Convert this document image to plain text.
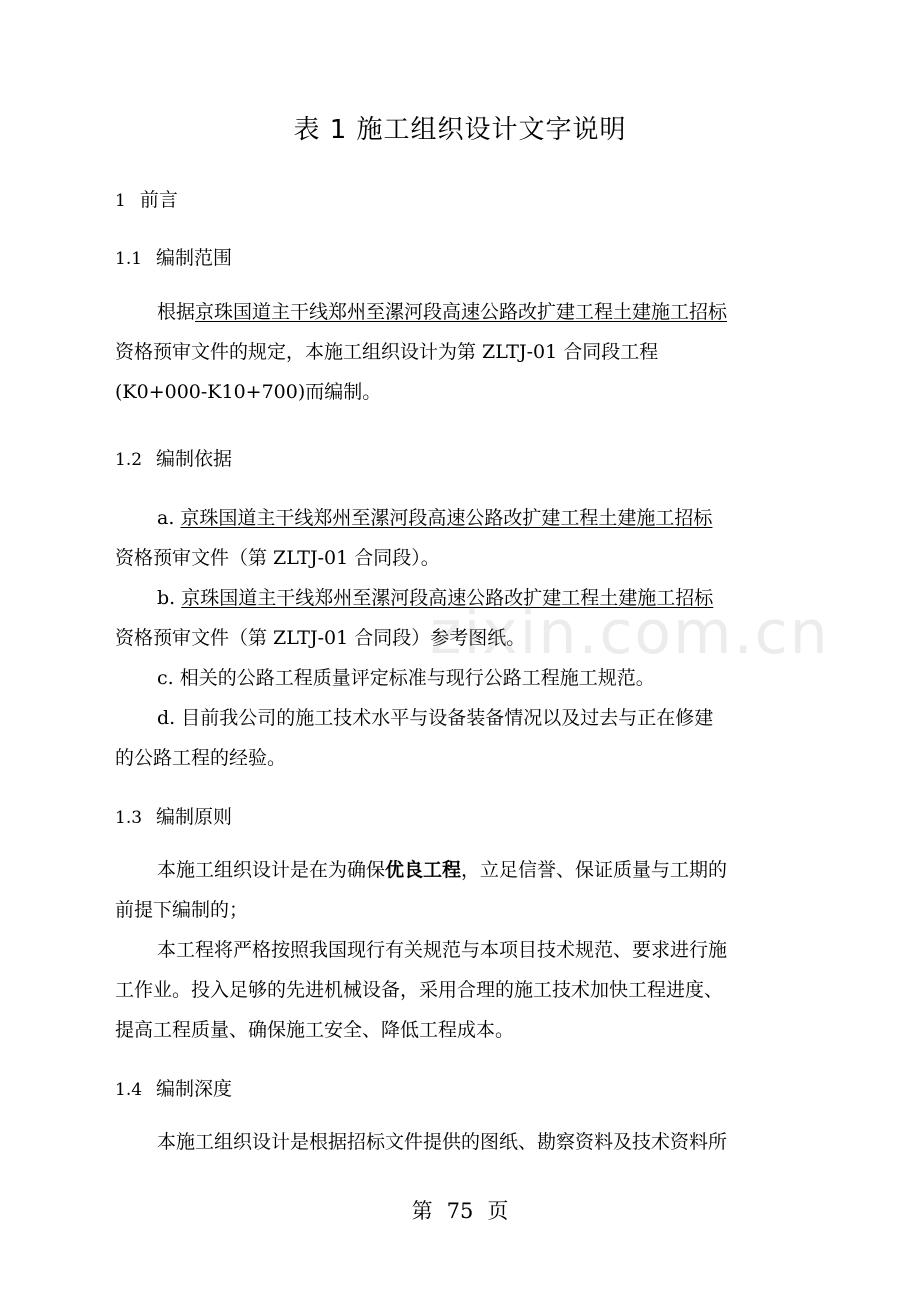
表 1 施工组织设计文字说明
1 前言
1.1 编制范围
根据京珠国道主干线郑州至漯河段高速公路改扩建工程土建施工招标
资格预审文件的规定，本施工组织设计为第 ZLTJ-01 合同段工程
(K0+000-K10+700)而编制。
1.2 编制依据
a. 京珠国道主干线郑州至漯河段高速公路改扩建工程土建施工招标
资格预审文件（第 ZLTJ-01 合同段）。
b. 京珠国道主干线郑州至漯河段高速公路改扩建工程土建施工招标
资格预审文件（第 ZLTJ-01 合同段）参考图纸。
c. 相关的公路工程质量评定标准与现行公路工程施工规范。
d. 目前我公司的施工技术水平与设备装备情况以及过去与正在修建
的公路工程的经验。
1.3 编制原则
本施工组织设计是在为确保优良工程，立足信誉、保证质量与工期的
前提下编制的；
本工程将严格按照我国现行有关规范与本项目技术规范、要求进行施
工作业。投入足够的先进机械设备，采用合理的施工技术加快工程进度、
提高工程质量、确保施工安全、降低工程成本。
1.4 编制深度
本施工组织设计是根据招标文件提供的图纸、勘察资料及技术资料所
zixin.com.cn
第 75 页
